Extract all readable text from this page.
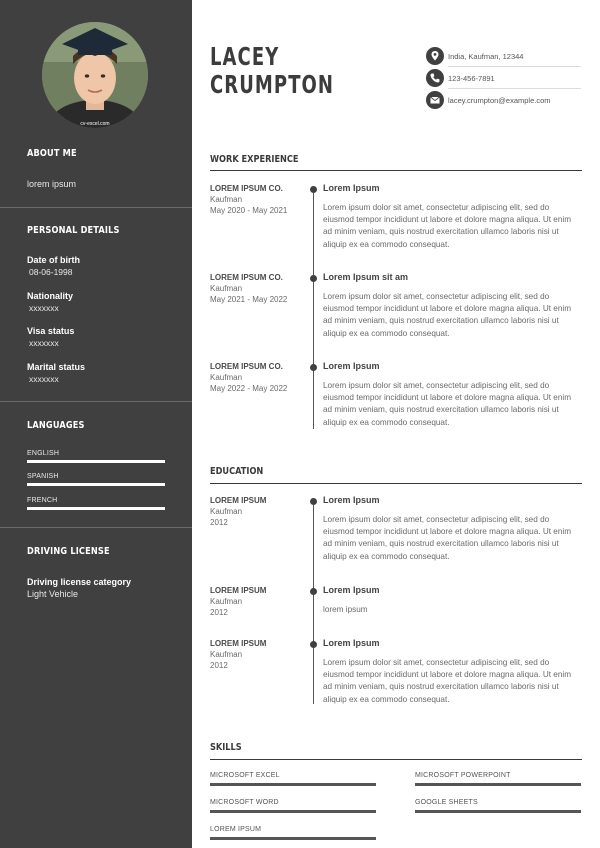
cv-excel.com
ABOUT ME
lorem ipsum
PERSONAL DETAILS
Date of birth
08-06-1998
Nationality
xxxxxxx
Visa status
xxxxxxx
Marital status
xxxxxxx
LANGUAGES
ENGLISH
SPANISH
FRENCH
DRIVING LICENSE
Driving license category
Light Vehicle
LACEY
CRUMPTON
India, Kaufman, 12344
123-456-7891
lacey.crumpton@example.com
WORK EXPERIENCE
LOREM IPSUM CO.
Kaufman
May 2020 - May 2021
Lorem Ipsum
Lorem ipsum dolor sit amet, consectetur adipiscing elit, sed do eiusmod tempor incididunt ut labore et dolore magna aliqua. Ut enim ad minim veniam, quis nostrud exercitation ullamco laboris nisi ut aliquip ex ea commodo consequat.
LOREM IPSUM CO.
Kaufman
May 2021 - May 2022
Lorem Ipsum sit am
Lorem ipsum dolor sit amet, consectetur adipiscing elit, sed do eiusmod tempor incididunt ut labore et dolore magna aliqua. Ut enim ad minim veniam, quis nostrud exercitation ullamco laboris nisi ut aliquip ex ea commodo consequat.
LOREM IPSUM CO.
Kaufman
May 2022 - May 2022
Lorem Ipsum
Lorem ipsum dolor sit amet, consectetur adipiscing elit, sed do eiusmod tempor incididunt ut labore et dolore magna aliqua. Ut enim ad minim veniam, quis nostrud exercitation ullamco laboris nisi ut aliquip ex ea commodo consequat.
EDUCATION
LOREM IPSUM
Kaufman
2012
Lorem Ipsum
Lorem ipsum dolor sit amet, consectetur adipiscing elit, sed do eiusmod tempor incididunt ut labore et dolore magna aliqua. Ut enim ad minim veniam, quis nostrud exercitation ullamco laboris nisi ut aliquip ex ea commodo consequat.
LOREM IPSUM
Kaufman
2012
Lorem Ipsum
lorem ipsum
LOREM IPSUM
Kaufman
2012
Lorem Ipsum
Lorem ipsum dolor sit amet, consectetur adipiscing elit, sed do eiusmod tempor incididunt ut labore et dolore magna aliqua. Ut enim ad minim veniam, quis nostrud exercitation ullamco laboris nisi ut aliquip ex ea commodo consequat.
SKILLS
MICROSOFT EXCEL	MICROSOFT POWERPOINT
MICROSOFT WORD	GOOGLE SHEETS
LOREM IPSUM
